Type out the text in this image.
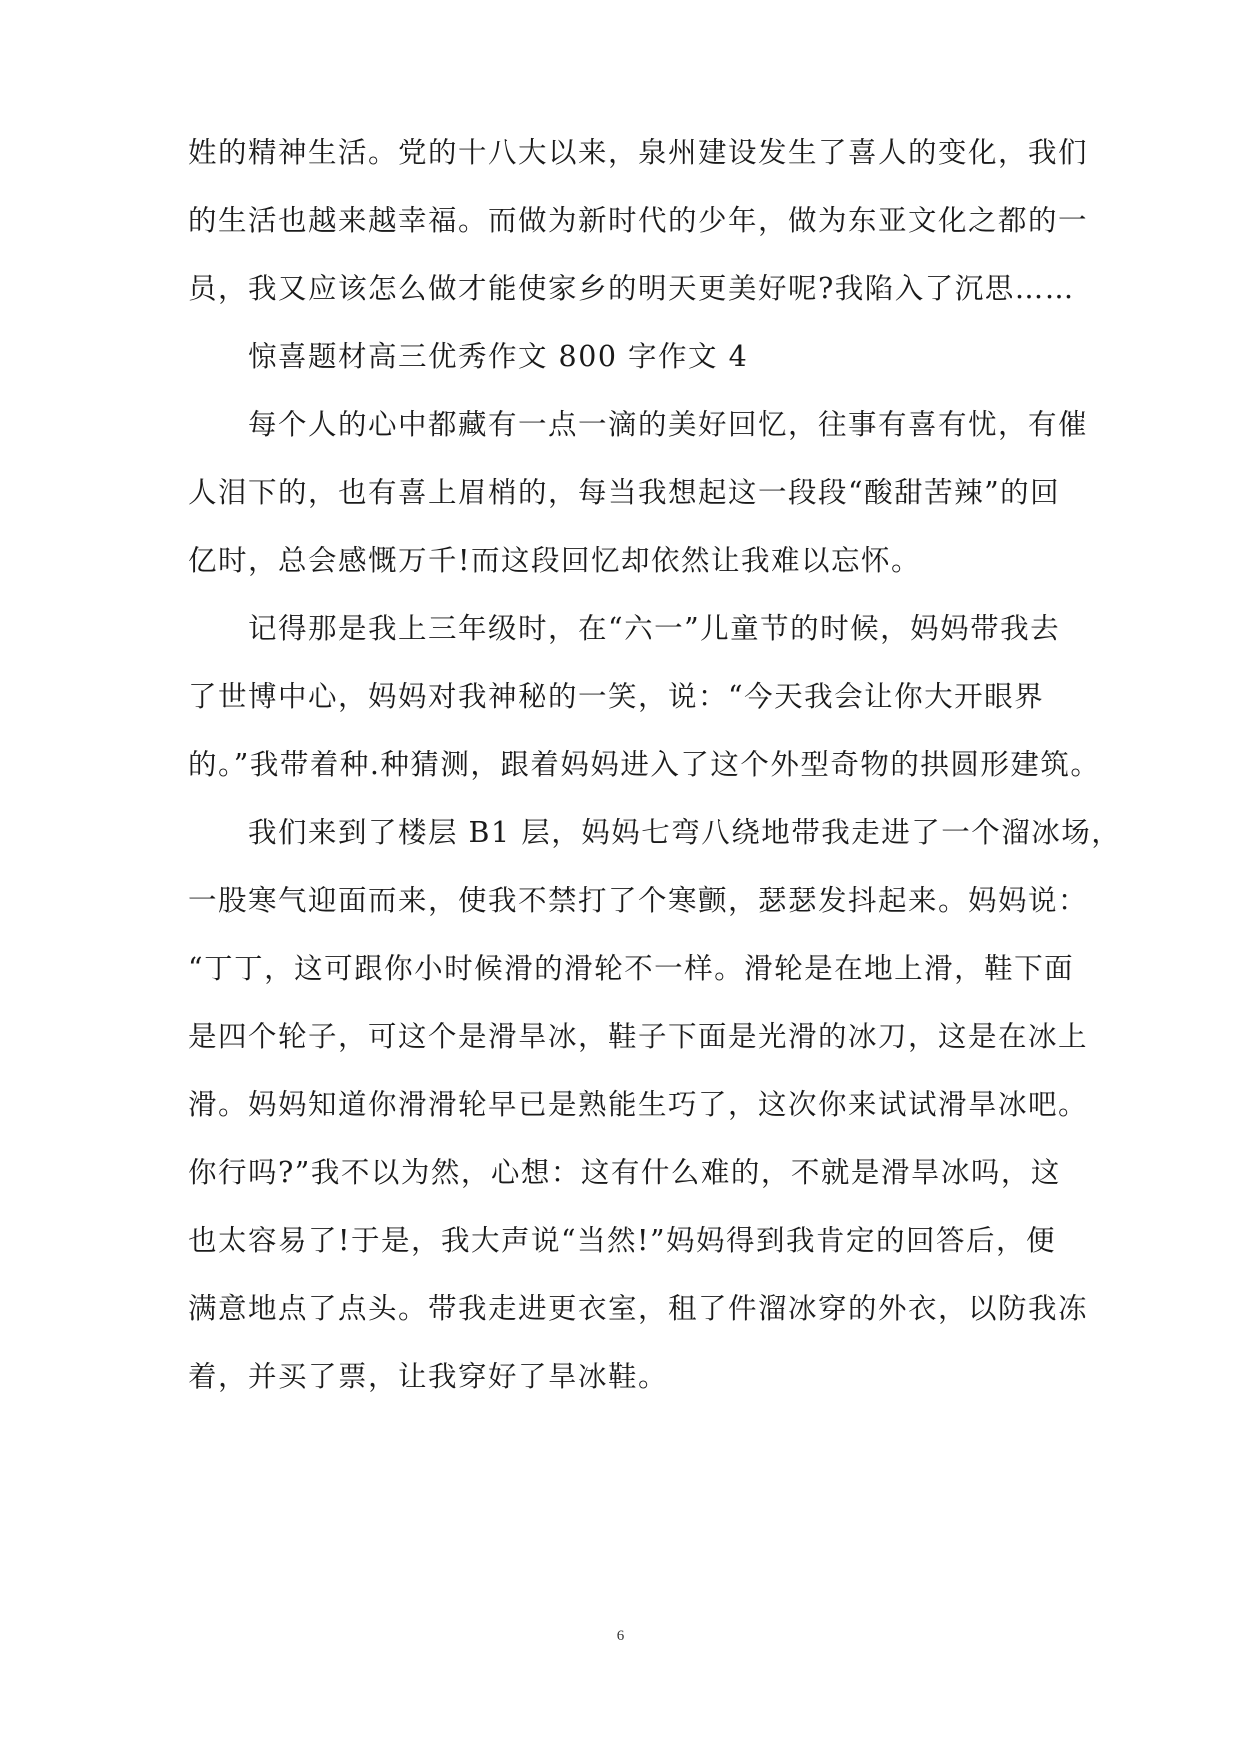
姓的精神生活。党的十八大以来，泉州建设发生了喜人的变化，我们
的生活也越来越幸福。而做为新时代的少年，做为东亚文化之都的一
员，我又应该怎么做才能使家乡的明天更美好呢?我陷入了沉思……
惊喜题材高三优秀作文 800 字作文 4
每个人的心中都藏有一点一滴的美好回忆，往事有喜有忧，有催
人泪下的，也有喜上眉梢的，每当我想起这一段段“酸甜苦辣”的回
亿时，总会感慨万千!而这段回忆却依然让我难以忘怀。
记得那是我上三年级时，在“六一”儿童节的时候，妈妈带我去
了世博中心，妈妈对我神秘的一笑，说：“今天我会让你大开眼界
的。”我带着种.种猜测，跟着妈妈进入了这个外型奇物的拱圆形建筑。
我们来到了楼层 B1 层，妈妈七弯八绕地带我走进了一个溜冰场，
一股寒气迎面而来，使我不禁打了个寒颤，瑟瑟发抖起来。妈妈说：
“丁丁，这可跟你小时候滑的滑轮不一样。滑轮是在地上滑，鞋下面
是四个轮子，可这个是滑旱冰，鞋子下面是光滑的冰刀，这是在冰上
滑。妈妈知道你滑滑轮早已是熟能生巧了，这次你来试试滑旱冰吧。
你行吗?”我不以为然，心想：这有什么难的，不就是滑旱冰吗，这
也太容易了!于是，我大声说“当然!”妈妈得到我肯定的回答后，便
满意地点了点头。带我走进更衣室，租了件溜冰穿的外衣，以防我冻
着，并买了票，让我穿好了旱冰鞋。
6
